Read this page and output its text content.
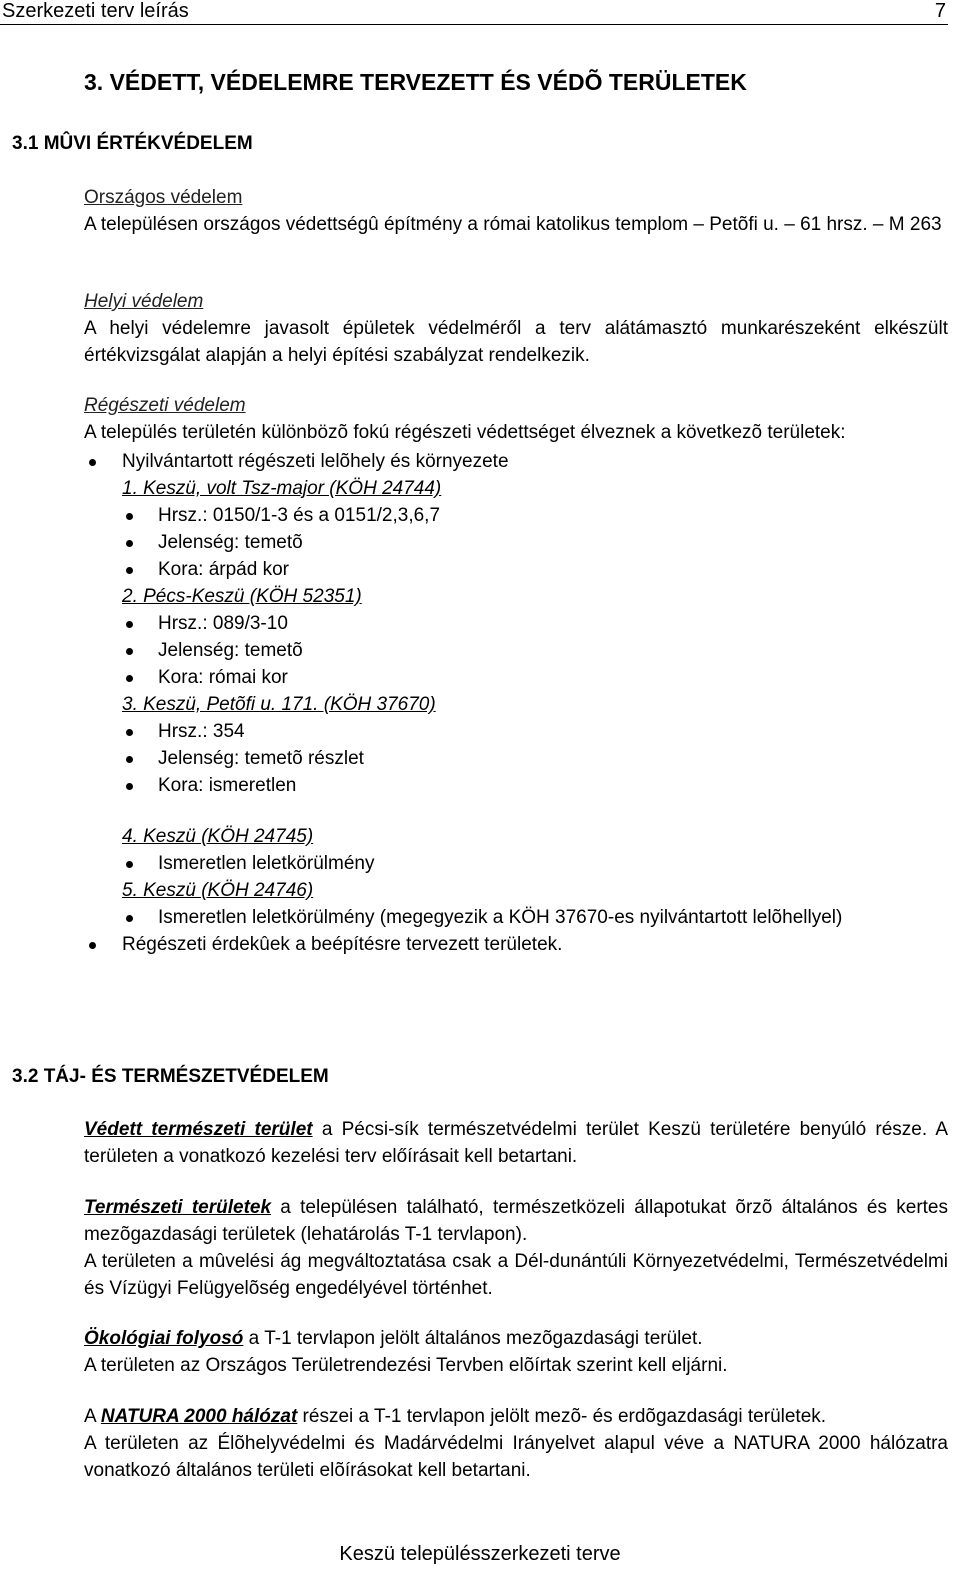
Szerkezeti terv leírás	7
3. VÉDETT, VÉDELEMRE TERVEZETT ÉS VÉDÕ TERÜLETEK
3.1 MÛVI ÉRTÉKVÉDELEM
Országos védelem
A településen országos védettségû építmény a római katolikus templom – Petõfi u. – 61 hrsz. – M 263
Helyi védelem
A helyi védelemre javasolt épületek védelméről a terv alátámasztó munkarészeként elkészült értékvizsgálat alapján a helyi építési szabályzat rendelkezik.
Régészeti védelem
A település területén különbözõ fokú régészeti védettséget élveznek a következõ területek:
Nyilvántartott régészeti lelõhely és környezete
1. Keszü, volt Tsz-major (KÖH 24744)
Hrsz.: 0150/1-3 és a 0151/2,3,6,7
Jelenség: temetõ
Kora: árpád kor
2. Pécs-Keszü (KÖH 52351)
Hrsz.: 089/3-10
Jelenség: temetõ
Kora: római kor
3. Keszü, Petõfi u. 171. (KÖH 37670)
Hrsz.: 354
Jelenség: temetõ részlet
Kora: ismeretlen
4. Keszü (KÖH 24745)
Ismeretlen leletkörülmény
5. Keszü (KÖH 24746)
Ismeretlen leletkörülmény (megegyezik a KÖH 37670-es nyilvántartott lelõhellyel)
Régészeti érdekûek a beépítésre tervezett területek.
3.2 TÁJ- ÉS TERMÉSZETVÉDELEM
Védett természeti terület a Pécsi-sík természetvédelmi terület Keszü területére benyúló része. A területen a vonatkozó kezelési terv előírásait kell betartani.
Természeti területek a településen található, természetközeli állapotukat õrzõ általános és kertes mezõgazdasági területek (lehatárolás T-1 tervlapon).
A területen a mûvelési ág megváltoztatása csak a Dél-dunántúli Környezetvédelmi, Természetvédelmi és Vízügyi Felügyelõség engedélyével történhet.
Ökológiai folyosó a T-1 tervlapon jelölt általános mezõgazdasági terület.
A területen az Országos Területrendezési Tervben elõírtak szerint kell eljárni.
A NATURA 2000 hálózat részei a T-1 tervlapon jelölt mezõ- és erdõgazdasági területek.
A területen az Élõhelyvédelmi és Madárvédelmi Irányelvet alapul véve a NATURA 2000 hálózatra vonatkozó általános területi elõírásokat kell betartani.
Keszü településszerkezeti terve
